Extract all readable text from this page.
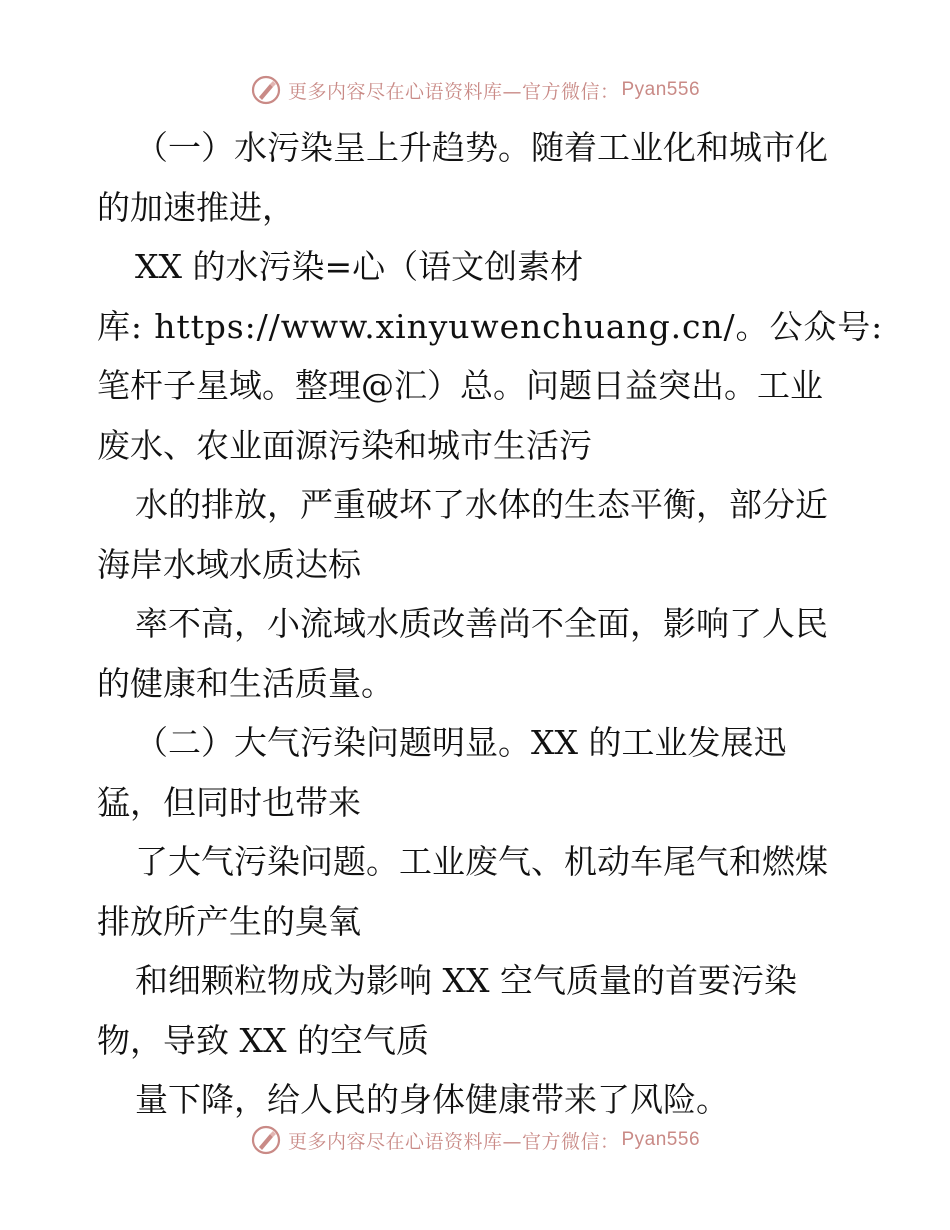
更多内容尽在心语资料库—官方微信： Pyan556
（一）水污染呈上升趋势。随着工业化和城市化
的加速推进，
XX 的水污染=心（语文创素材
库: https://www.xinyuwenchuang.cn/。公众号:
笔杆子星域。整理@汇）总。问题日益突出。工业
废水、农业面源污染和城市生活污
水的排放，严重破坏了水体的生态平衡，部分近
海岸水域水质达标
率不高，小流域水质改善尚不全面，影响了人民
的健康和生活质量。
（二）大气污染问题明显。XX 的工业发展迅
猛，但同时也带来
了大气污染问题。工业废气、机动车尾气和燃煤
排放所产生的臭氧
和细颗粒物成为影响 XX 空气质量的首要污染
物，导致 XX 的空气质
量下降，给人民的身体健康带来了风险。
更多内容尽在心语资料库—官方微信： Pyan556
